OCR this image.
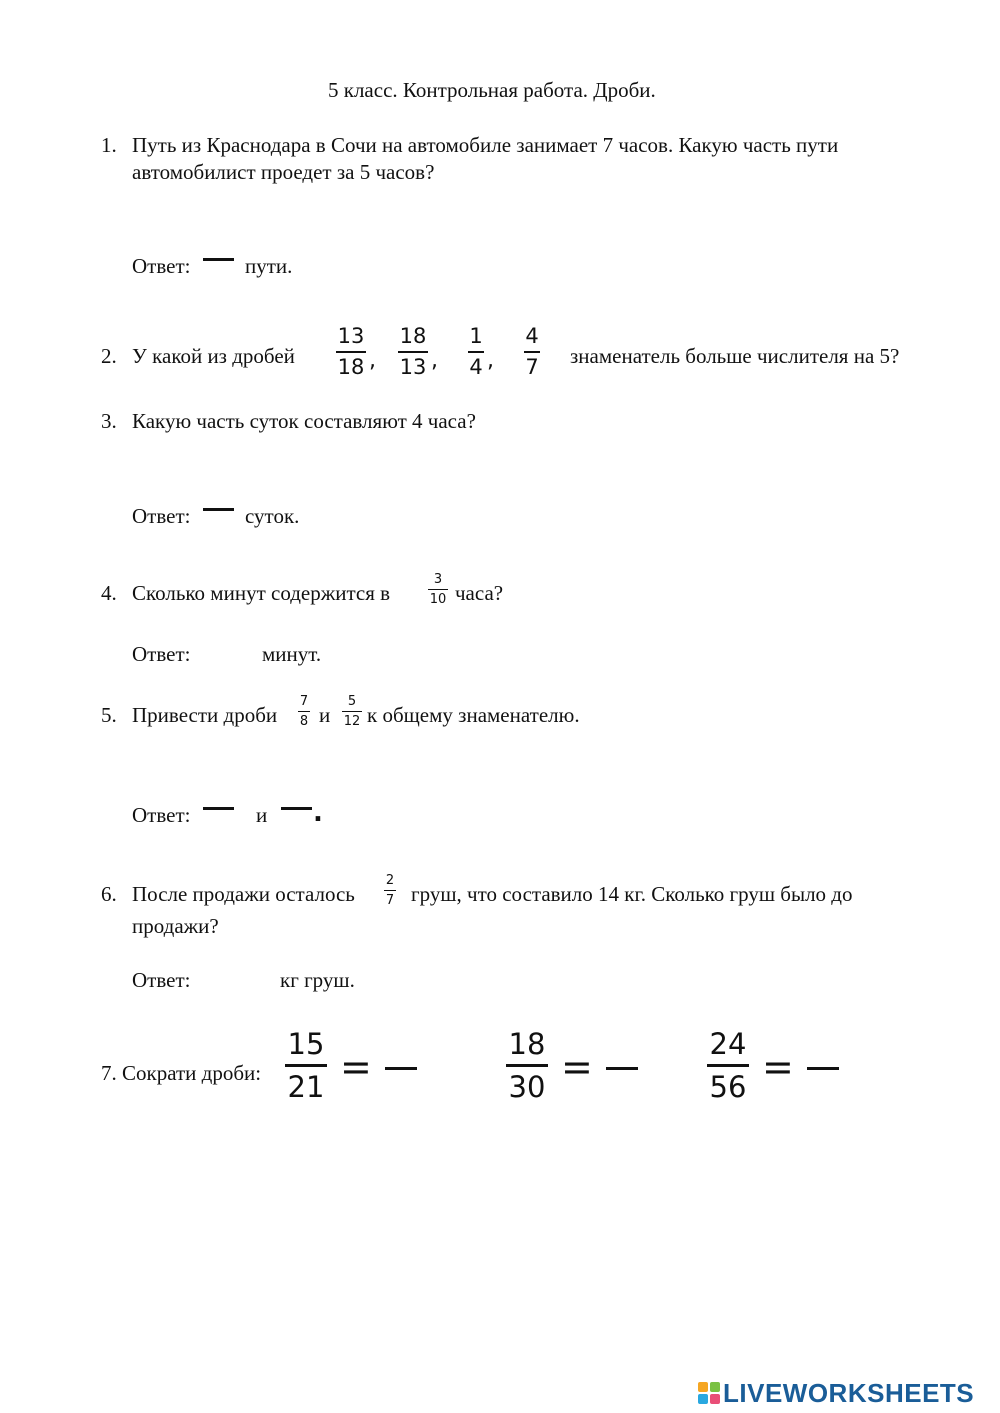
5 класс. Контрольная работа. Дроби.
1. Путь из Краснодара в Сочи на автомобиле занимает 7 часов. Какую часть пути
автомобилист проедет за 5 часов?
Ответ:	пути.
2. У какой из дробей
13
18 ,
18
13 ,
1
4 ,
4
7 знаменатель больше числителя на 5?
3. Какую часть суток составляют 4 часа?
Ответ:	суток.
4. Сколько минут содержится в
3
10 часа?
Ответ:	минут.
5. Привести дроби
7
8 и
5
12 к общему знаменателю.
Ответ:	и .
6. После продажи осталось
2
7 груш, что составило 14 кг. Сколько груш было до
продажи?
Ответ:	кг груш.
7. Сократи дроби:
15
21 =
18
30 =
24
56 =
LIVEWORKSHEETS
